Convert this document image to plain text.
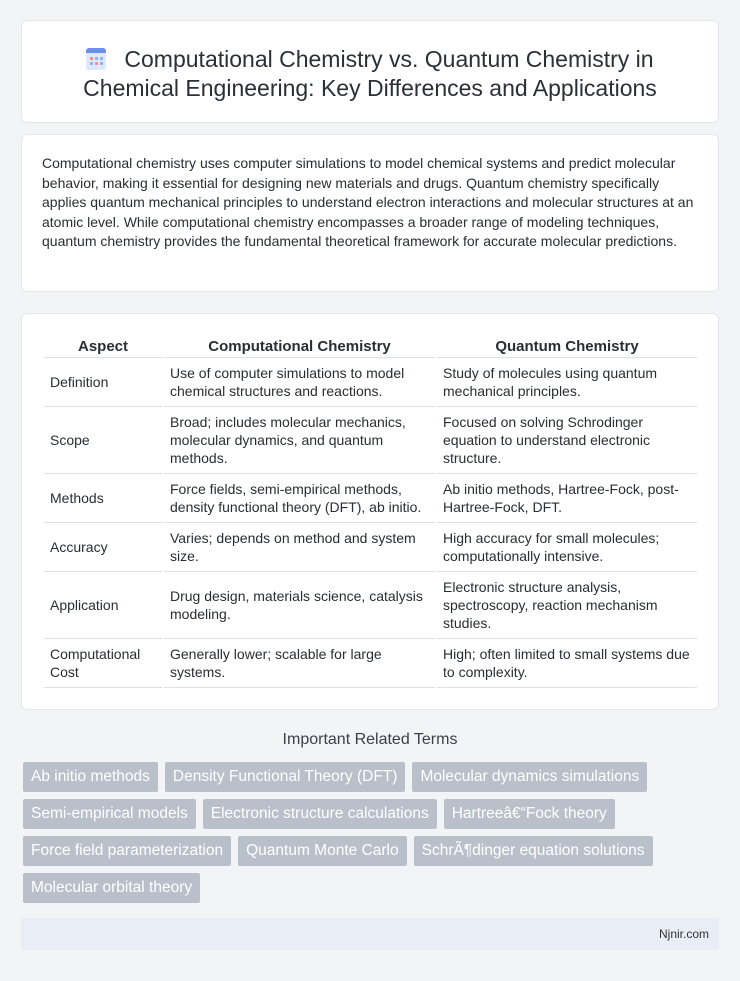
Computational Chemistry vs. Quantum Chemistry in Chemical Engineering: Key Differences and Applications

Computational chemistry uses computer simulations to model chemical systems and predict molecular behavior, making it essential for designing new materials and drugs. Quantum chemistry specifically applies quantum mechanical principles to understand electron interactions and molecular structures at an atomic level. While computational chemistry encompasses a broader range of modeling techniques, quantum chemistry provides the fundamental theoretical framework for accurate molecular predictions.

Aspect	Computational Chemistry	Quantum Chemistry
Definition	Use of computer simulations to model chemical structures and reactions.	Study of molecules using quantum mechanical principles.
Scope	Broad; includes molecular mechanics, molecular dynamics, and quantum methods.	Focused on solving Schrodinger equation to understand electronic structure.
Methods	Force fields, semi-empirical methods, density functional theory (DFT), ab initio.	Ab initio methods, Hartree-Fock, post-Hartree-Fock, DFT.
Accuracy	Varies; depends on method and system size.	High accuracy for small molecules; computationally intensive.
Application	Drug design, materials science, catalysis modeling.	Electronic structure analysis, spectroscopy, reaction mechanism studies.
Computational Cost	Generally lower; scalable for large systems.	High; often limited to small systems due to complexity.
Important Related Terms
Ab initio methods	Density Functional Theory (DFT)	Molecular dynamics simulations
Semi-empirical models	Electronic structure calculations	Hartreeâ€“Fock theory
Force field parameterization	Quantum Monte Carlo	SchrÃ¶dinger equation solutions
Molecular orbital theory
Njnir.com
